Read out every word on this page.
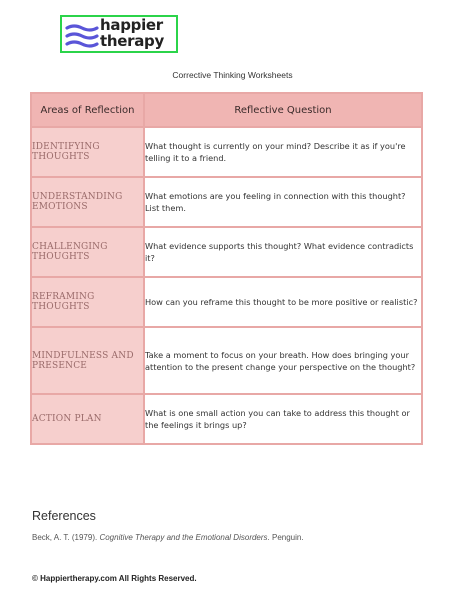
happier
therapy
Corrective Thinking Worksheets
Areas of Reflection	Reflective Question
IDENTIFYING THOUGHTS	What thought is currently on your mind? Describe it as if you're telling it to a friend.
UNDERSTANDING EMOTIONS	What emotions are you feeling in connection with this thought? List them.
CHALLENGING THOUGHTS	What evidence supports this thought? What evidence contradicts it?
REFRAMING THOUGHTS	How can you reframe this thought to be more positive or realistic?
MINDFULNESS AND PRESENCE	Take a moment to focus on your breath. How does bringing your attention to the present change your perspective on the thought?
ACTION PLAN	What is one small action you can take to address this thought or the feelings it brings up?
References
Beck, A. T. (1979). Cognitive Therapy and the Emotional Disorders. Penguin.
© Happiertherapy.com All Rights Reserved.
